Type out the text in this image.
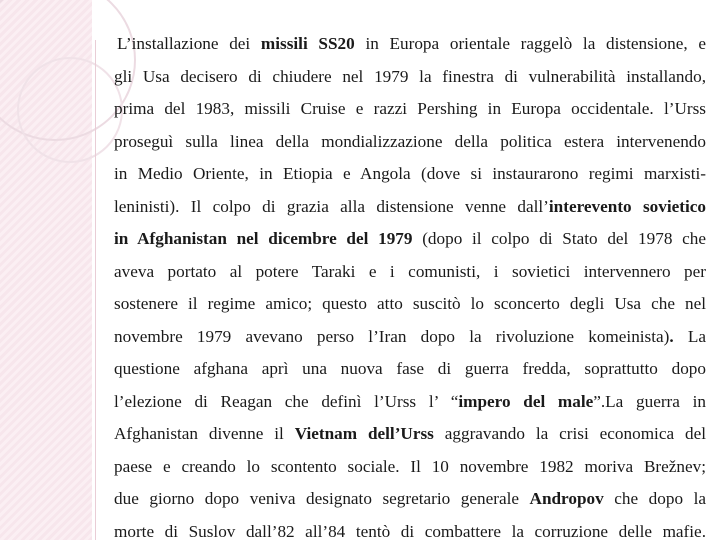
L’installazione dei missili SS20 in Europa orientale raggelò la distensione, e
gli Usa decisero di chiudere nel 1979 la finestra di vulnerabilità installando,
prima del 1983, missili Cruise e razzi Pershing in Europa occidentale. l’Urss
proseguì sulla linea della mondializzazione della politica estera intervenendo
in Medio Oriente, in Etiopia e Angola (dove si instaurarono regimi marxisti-
leninisti). Il colpo di grazia alla distensione venne dall’interevento sovietico
in Afghanistan nel dicembre del 1979 (dopo il colpo di Stato del 1978 che
aveva portato al potere Taraki e i comunisti, i sovietici intervennero per
sostenere il regime amico; questo atto suscitò lo sconcerto degli Usa che nel
novembre 1979 avevano perso l’Iran dopo la rivoluzione komeinista). La
questione afghana aprì una nuova fase di guerra fredda, soprattutto dopo
l’elezione di Reagan che definì l’Urss l’ “impero del male”.La guerra in
Afghanistan divenne il Vietnam dell’Urss aggravando la crisi economica del
paese e creando lo scontento sociale. Il 10 novembre 1982 moriva Brežnev;
due giorno dopo veniva designato segretario generale Andropov che dopo la
morte di Suslov dall’82 all’84 tentò di combattere la corruzione delle mafie.
